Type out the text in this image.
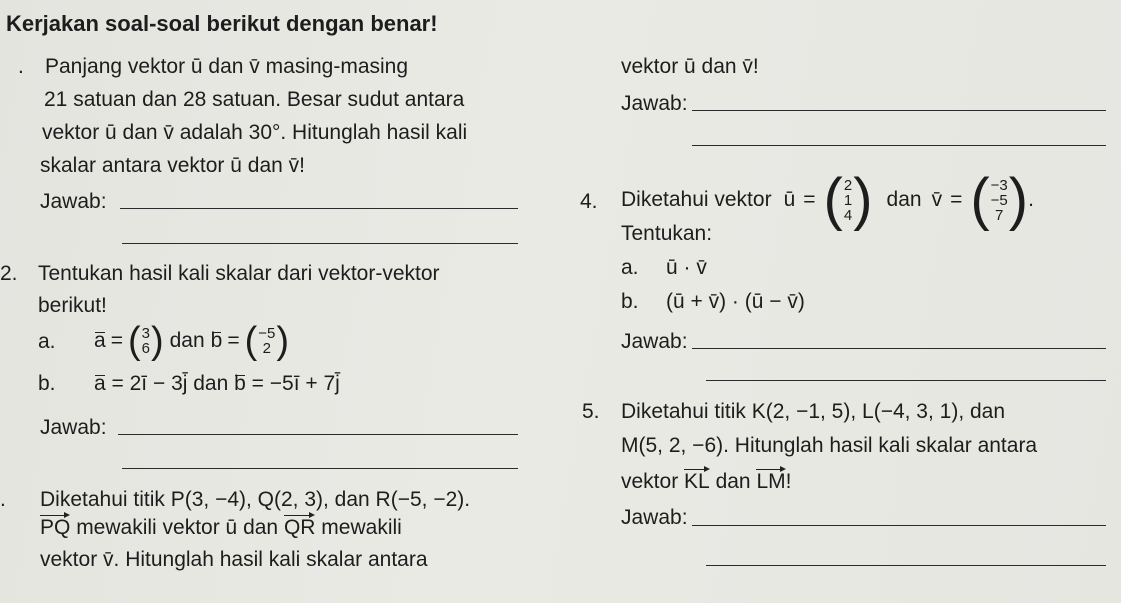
Kerjakan soal-soal berikut dengan benar!
. Panjang vektor ū dan v̄ masing-masing
21 satuan dan 28 satuan. Besar sudut antara
vektor ū dan v̄ adalah 30°. Hitunglah hasil kali
skalar antara vektor ū dan v̄!
Jawab:
2. Tentukan hasil kali skalar dari vektor-vektor
berikut!
a. a = ( 3
6 ) dan b = ( −5
2 )
b. a = 2ī − 3j̄ dan b = −5ī + 7j̄
Jawab:
. Diketahui titik P(3, −4), Q(2, 3), dan R(−5, −2).
PQ mewakili vektor ū dan QR mewakili
vektor v̄. Hitunglah hasil kali skalar antara
vektor ū dan v̄!
Jawab:
4. Diketahui vektor ū = ( 2
1
4 ) dan v̄ = ( −3
−5
7 ) .
Tentukan:
a. ū · v̄
b. (ū + v̄) · (ū − v̄)
Jawab:
5. Diketahui titik K(2, −1, 5), L(−4, 3, 1), dan
M(5, 2, −6). Hitunglah hasil kali skalar antara
vektor KL dan LM!
Jawab:
